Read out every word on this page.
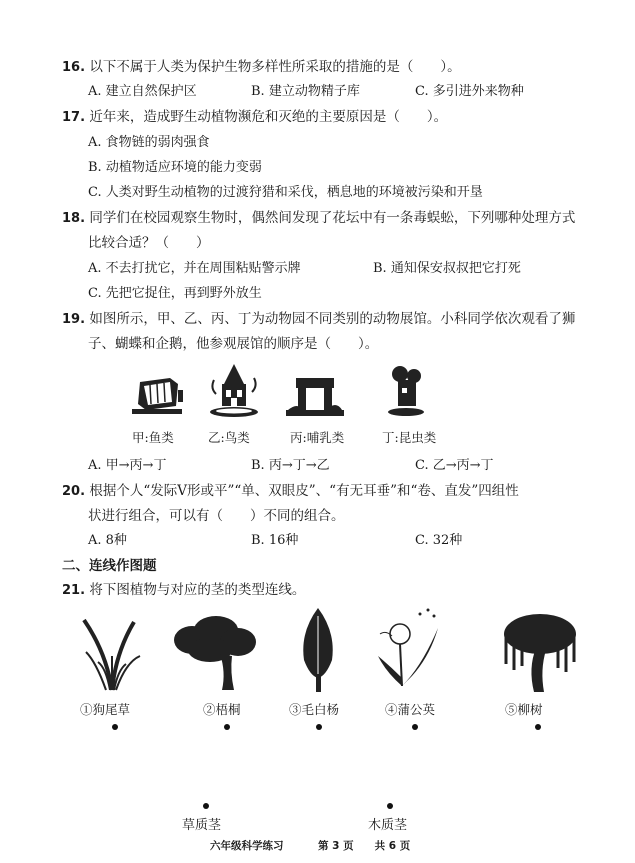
16. 以下不属于人类为保护生物多样性所采取的措施的是（　　）。
A. 建立自然保护区	B. 建立动物精子库	C. 多引进外来物种
17. 近年来，造成野生动植物濒危和灭绝的主要原因是（　　）。
A. 食物链的弱肉强食
B. 动植物适应环境的能力变弱
C. 人类对野生动植物的过渡狩猎和采伐，栖息地的环境被污染和开垦
18. 同学们在校园观察生物时，偶然间发现了花坛中有一条毒蜈蚣，下列哪种处理方式
比较合适？（　　）
A. 不去打扰它，并在周围粘贴警示牌	B. 通知保安叔叔把它打死
C. 先把它捉住，再到野外放生
19. 如图所示，甲、乙、丙、丁为动物园不同类别的动物展馆。小科同学依次观看了狮
子、蝴蝶和企鹅，他参观展馆的顺序是（　　）。
甲:鱼类	乙:鸟类	丙:哺乳类	丁:昆虫类
A. 甲→丙→丁	B. 丙→丁→乙	C. 乙→丙→丁
20. 根据个人“发际V形或平”“单、双眼皮”、“有无耳垂”和“卷、直发”四组性
状进行组合，可以有（　　）不同的组合。
A. 8种	B. 16种	C. 32种
二、连线作图题
21. 将下图植物与对应的茎的类型连线。
①狗尾草	②梧桐	③毛白杨	④蒲公英	⑤柳树
草质茎	木质茎
六年级科学练习	第 3 页　　共 6 页
